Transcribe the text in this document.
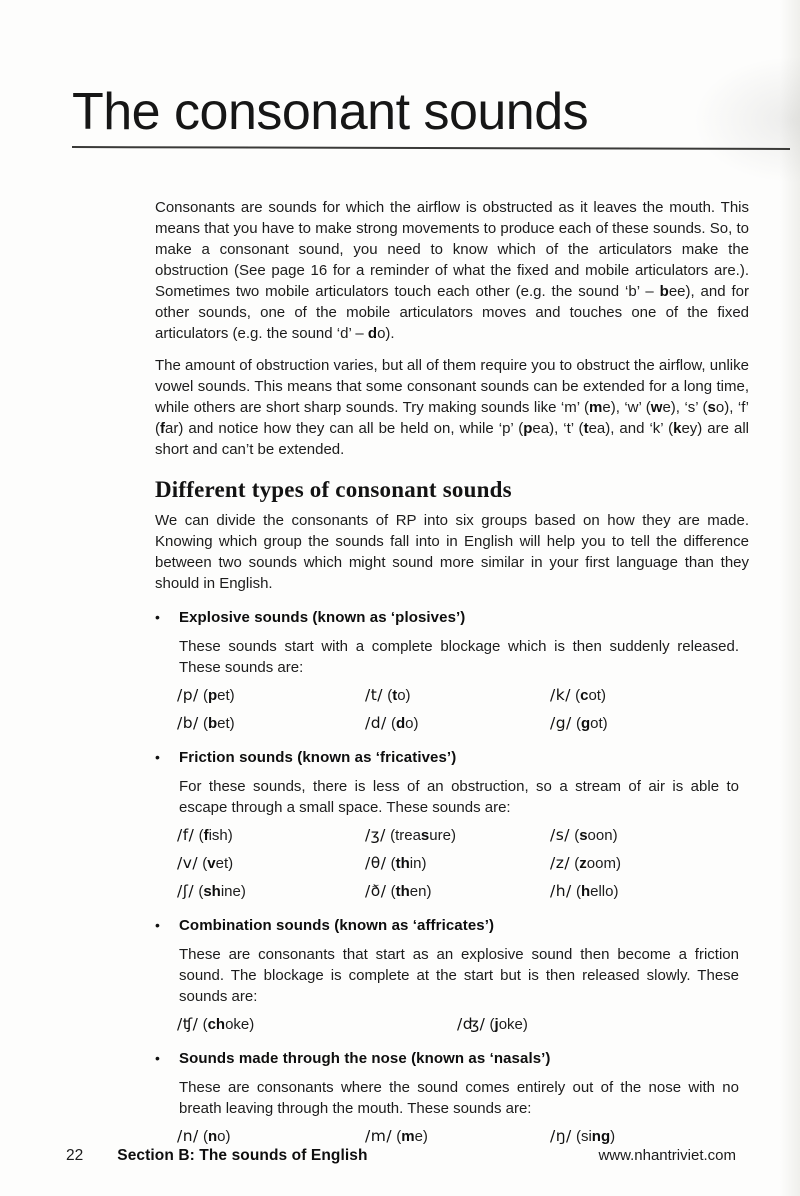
The consonant sounds

Consonants are sounds for which the airflow is obstructed as it leaves the mouth. This means that you have to make strong movements to produce each of these sounds. So, to make a consonant sound, you need to know which of the articulators make the obstruction (See page 16 for a reminder of what the fixed and mobile articulators are.). Sometimes two mobile articulators touch each other (e.g. the sound ‘b’ – bee), and for other sounds, one of the mobile articulators moves and touches one of the fixed articulators (e.g. the sound ‘d’ – do).

The amount of obstruction varies, but all of them require you to obstruct the airflow, unlike vowel sounds. This means that some consonant sounds can be extended for a long time, while others are short sharp sounds. Try making sounds like ‘m’ (me), ‘w’ (we), ‘s’ (so), ‘f’ (far) and notice how they can all be held on, while ‘p’ (pea), ‘t’ (tea), and ‘k’ (key) are all short and can’t be extended.

Different types of consonant sounds

We can divide the consonants of RP into six groups based on how they are made. Knowing which group the sounds fall into in English will help you to tell the difference between two sounds which might sound more similar in your first language than they should in English.

•	Explosive sounds (known as ‘plosives’)

These sounds start with a complete blockage which is then suddenly released. These sounds are:

/p/ (pet)	/t/ (to)	/k/ (cot)
/b/ (bet)	/d/ (do)	/g/ (got)
•	Friction sounds (known as ‘fricatives’)

For these sounds, there is less of an obstruction, so a stream of air is able to escape through a small space. These sounds are:

/f/ (fish)	/ʒ/ (treasure)	/s/ (soon)
/v/ (vet)	/θ/ (thin)	/z/ (zoom)
/ʃ/ (shine)	/ð/ (then)	/h/ (hello)
•	Combination sounds (known as ‘affricates’)

These are consonants that start as an explosive sound then become a friction sound. The blockage is complete at the start but is then released slowly. These sounds are:

/ʧ/ (choke)	/ʤ/ (joke)
•	Sounds made through the nose (known as ‘nasals’)

These are consonants where the sound comes entirely out of the nose with no breath leaving through the mouth. These sounds are:

/n/ (no)	/m/ (me)	/ŋ/ (sing)
22 Section B: The sounds of English	www.nhantriviet.com
